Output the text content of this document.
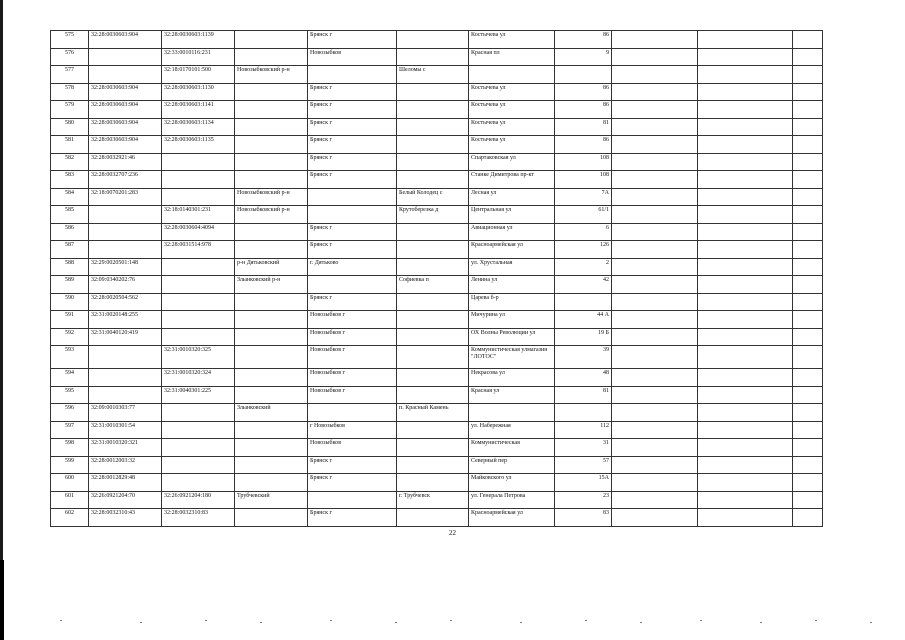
575	32:28:0030603:904	32:28:0030603:1139		Брянск г		Костычева ул	86			
576		32:33:0010116:231		Новозыбков		Красная пл	9			
577		32:18:0170101:500	Новозыбковский р-н		Шеломы с					
578	32:28:0030603:904	32:28:0030603:1130		Брянск г		Костычева ул	86			
579	32:28:0030603:904	32:28:0030603:1141		Брянск г		Костычева ул	86			
580	32:28:0030603:904	32:28:0030603:1134		Брянск г		Костычева ул	81			
581	32:28:0030603:904	32:28:0030603:1135		Брянск г		Костычева ул	86			
582	32:28:0032921:46			Брянск г		Спартаковская ул	108			
583	32:28:0032707:236			Брянск г		Станке Димитрова пр-кт	108			
584	32:18:0070201:283		Новозыбковский р-н		Белый Колодец с	Лесная ул	7А			
585		32:18:0140301:231	Новозыбковский р-н		Крутоберезка д	Центральная ул	61/1			
586		32:28:0030604:4094		Брянск г		Авиационная ул	6			
587		32:28:0031514:978		Брянск г		Красноармейская ул	126			
588	32:29:0020501:148		р-н Дятьковский	г. Дятьково		ул. Хрустальная	2			
589	32:09:0340202:76		Злынковский р-н		Софиевка п	Ленина ул	42			
590	32:28:0020504:562			Брянск г		Царева б-р				
591	32:31:0020148:255			Новозыбков г		Мичурина ул	44 А			
592	32:31:0040120:419			Новозыбков г		ОХ Волны Революции ул	19 Б			
593		32:31:0010320:325		Новозыбков г		Коммунистическая улмагазин "ЛОТОС"	39			
594		32:31:0010320:324		Новозыбков г		Некрасова ул	48			
595		32:31:0040301:225		Новозыбков г		Красная ул	81			
596	32:09:0010303:77		Злынковский		п. Красный Камень					
597	32:31:0010301:54			г Новозыбков		ул. Набережная	112			
598	32:31:0010320:321			Новозыбков		Коммунистическая	31			
599	32:28:0012003:32			Брянск г		Северный пер	57			
600	32:28:0012829:48			Брянск г		Майковского ул	15А			
601	32:26:0921204:70	32:26:0921204:180	Трубчевский		г. Трубчевск	ул. Генерала Петрова	23			
602	32:28:0032310:43	32:28:0032310:83		Брянск г		Красноармейская ул	83			
22
